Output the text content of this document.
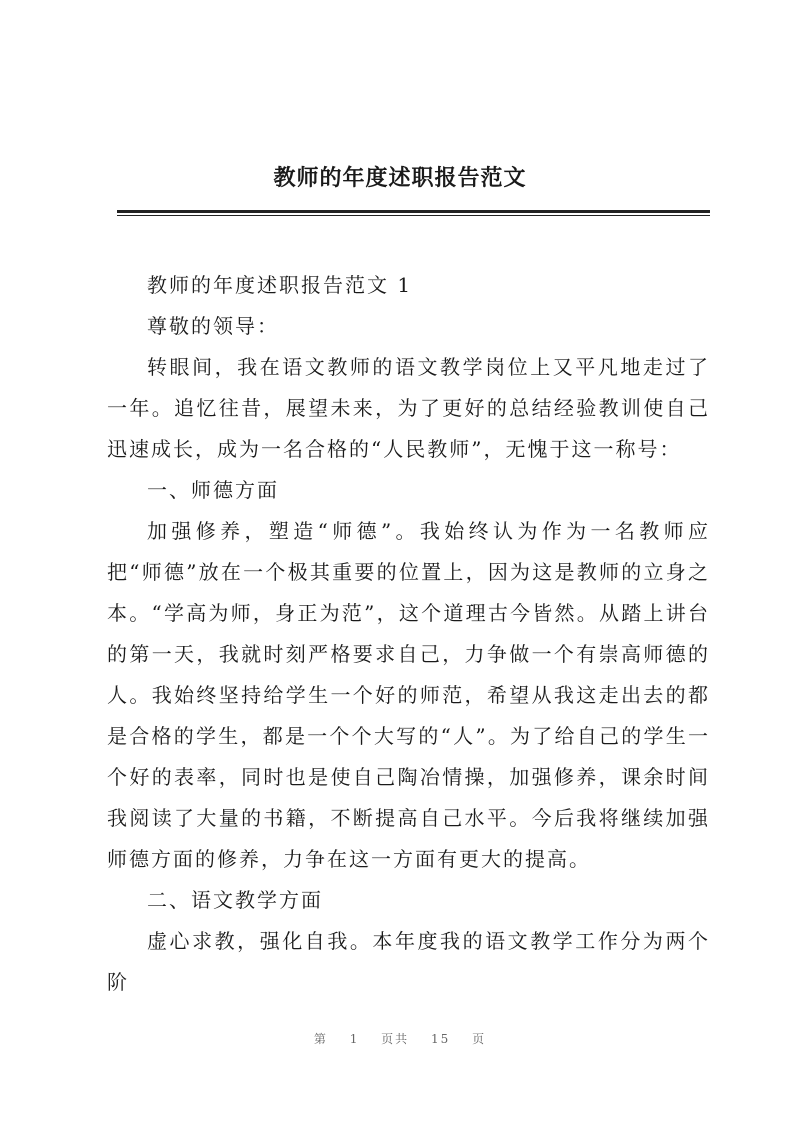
教师的年度述职报告范文

教师的年度述职报告范文 1

尊敬的领导：

转眼间，我在语文教师的语文教学岗位上又平凡地走过了一年。追忆往昔，展望未来，为了更好的总结经验教训使自己迅速成长，成为一名合格的“人民教师”，无愧于这一称号：

一、师德方面

加强修养，塑造“师德”。我始终认为作为一名教师应把“师德”放在一个极其重要的位置上，因为这是教师的立身之本。“学高为师，身正为范”，这个道理古今皆然。从踏上讲台的第一天，我就时刻严格要求自己，力争做一个有崇高师德的人。我始终坚持给学生一个好的师范，希望从我这走出去的都是合格的学生，都是一个个大写的“人”。为了给自己的学生一个好的表率，同时也是使自己陶冶情操，加强修养，课余时间我阅读了大量的书籍，不断提高自己水平。今后我将继续加强师德方面的修养，力争在这一方面有更大的提高。

二、语文教学方面

虚心求教，强化自我。本年度我的语文教学工作分为两个阶

第 1 页共 15 页
